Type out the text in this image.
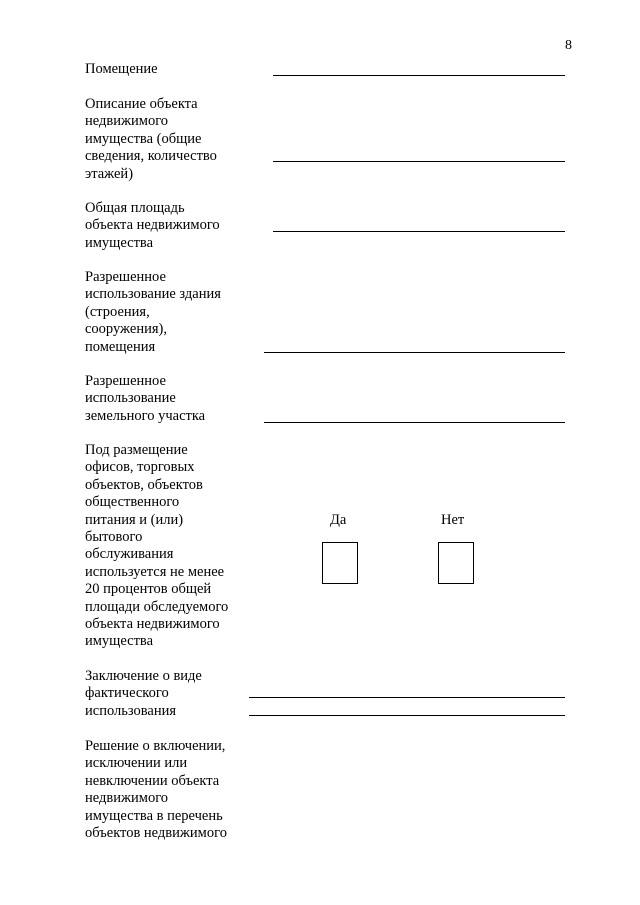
8
Помещение
Описание объекта
недвижимого
имущества (общие
сведения, количество
этажей)
Общая площадь
объекта недвижимого
имущества
Разрешенное
использование здания
(строения,
сооружения),
помещения
Разрешенное
использование
земельного участка
Под размещение
офисов, торговых
объектов, объектов
общественного
питания и (или)
бытового
обслуживания
используется не менее
20 процентов общей
площади обследуемого
объекта недвижимого
имущества
Да	Нет
Заключение о виде
фактического
использования
Решение о включении,
исключении или
невключении объекта
недвижимого
имущества в перечень
объектов недвижимого
